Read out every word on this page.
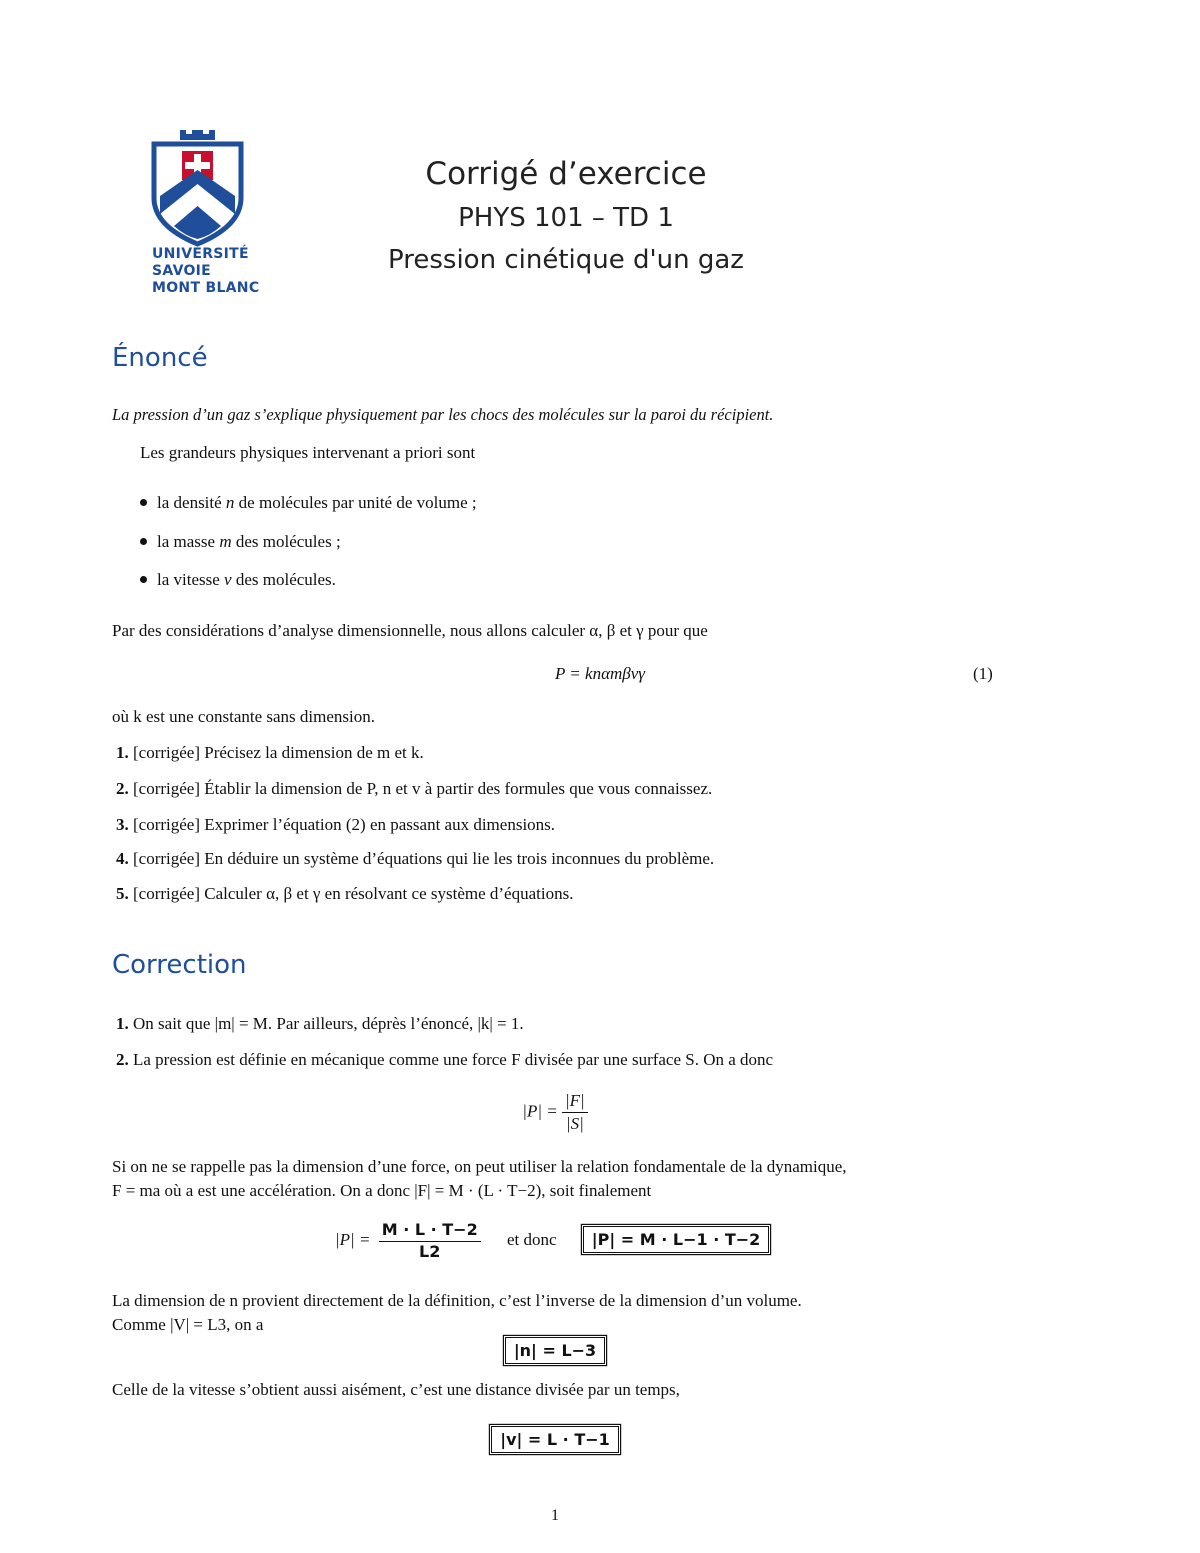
UNIVERSITÉ
SAVOIE
MONT BLANC
Corrigé d’exercice
PHYS 101 – TD 1
Pression cinétique d'un gaz
Énoncé
La pression d’un gaz s’explique physiquement par les chocs des molécules sur la paroi du récipient.
Les grandeurs physiques intervenant a priori sont
la densité n de molécules par unité de volume ;
la masse m des molécules ;
la vitesse v des molécules.
Par des considérations d’analyse dimensionnelle, nous allons calculer α, β et γ pour que
P = knαmβvγ	(1)
où k est une constante sans dimension.
1. [corrigée] Précisez la dimension de m et k.
2. [corrigée] Établir la dimension de P, n et v à partir des formules que vous connaissez.
3. [corrigée] Exprimer l’équation (2) en passant aux dimensions.
4. [corrigée] En déduire un système d’équations qui lie les trois inconnues du problème.
5. [corrigée] Calculer α, β et γ en résolvant ce système d’équations.
Correction
1. On sait que |m| = M. Par ailleurs, déprès l’énoncé, |k| = 1.
2. La pression est définie en mécanique comme une force F divisée par une surface S. On a donc
$|P| = \frac{|F|}{|S|}$
Si on ne se rappelle pas la dimension d’une force, on peut utiliser la relation fondamentale de la dynamique,
F = ma où a est une accélération. On a donc |F| = M · (L · T−2), soit finalement
$|P| = \frac{M \cdot L \cdot T-2}{L2}$ et donc |P| = M · L−1 · T−2
La dimension de n provient directement de la définition, c’est l’inverse de la dimension d’un volume.
Comme |V| = L3, on a
|n| = L−3
Celle de la vitesse s’obtient aussi aisément, c’est une distance divisée par un temps,
|v| = L · T−1
1
